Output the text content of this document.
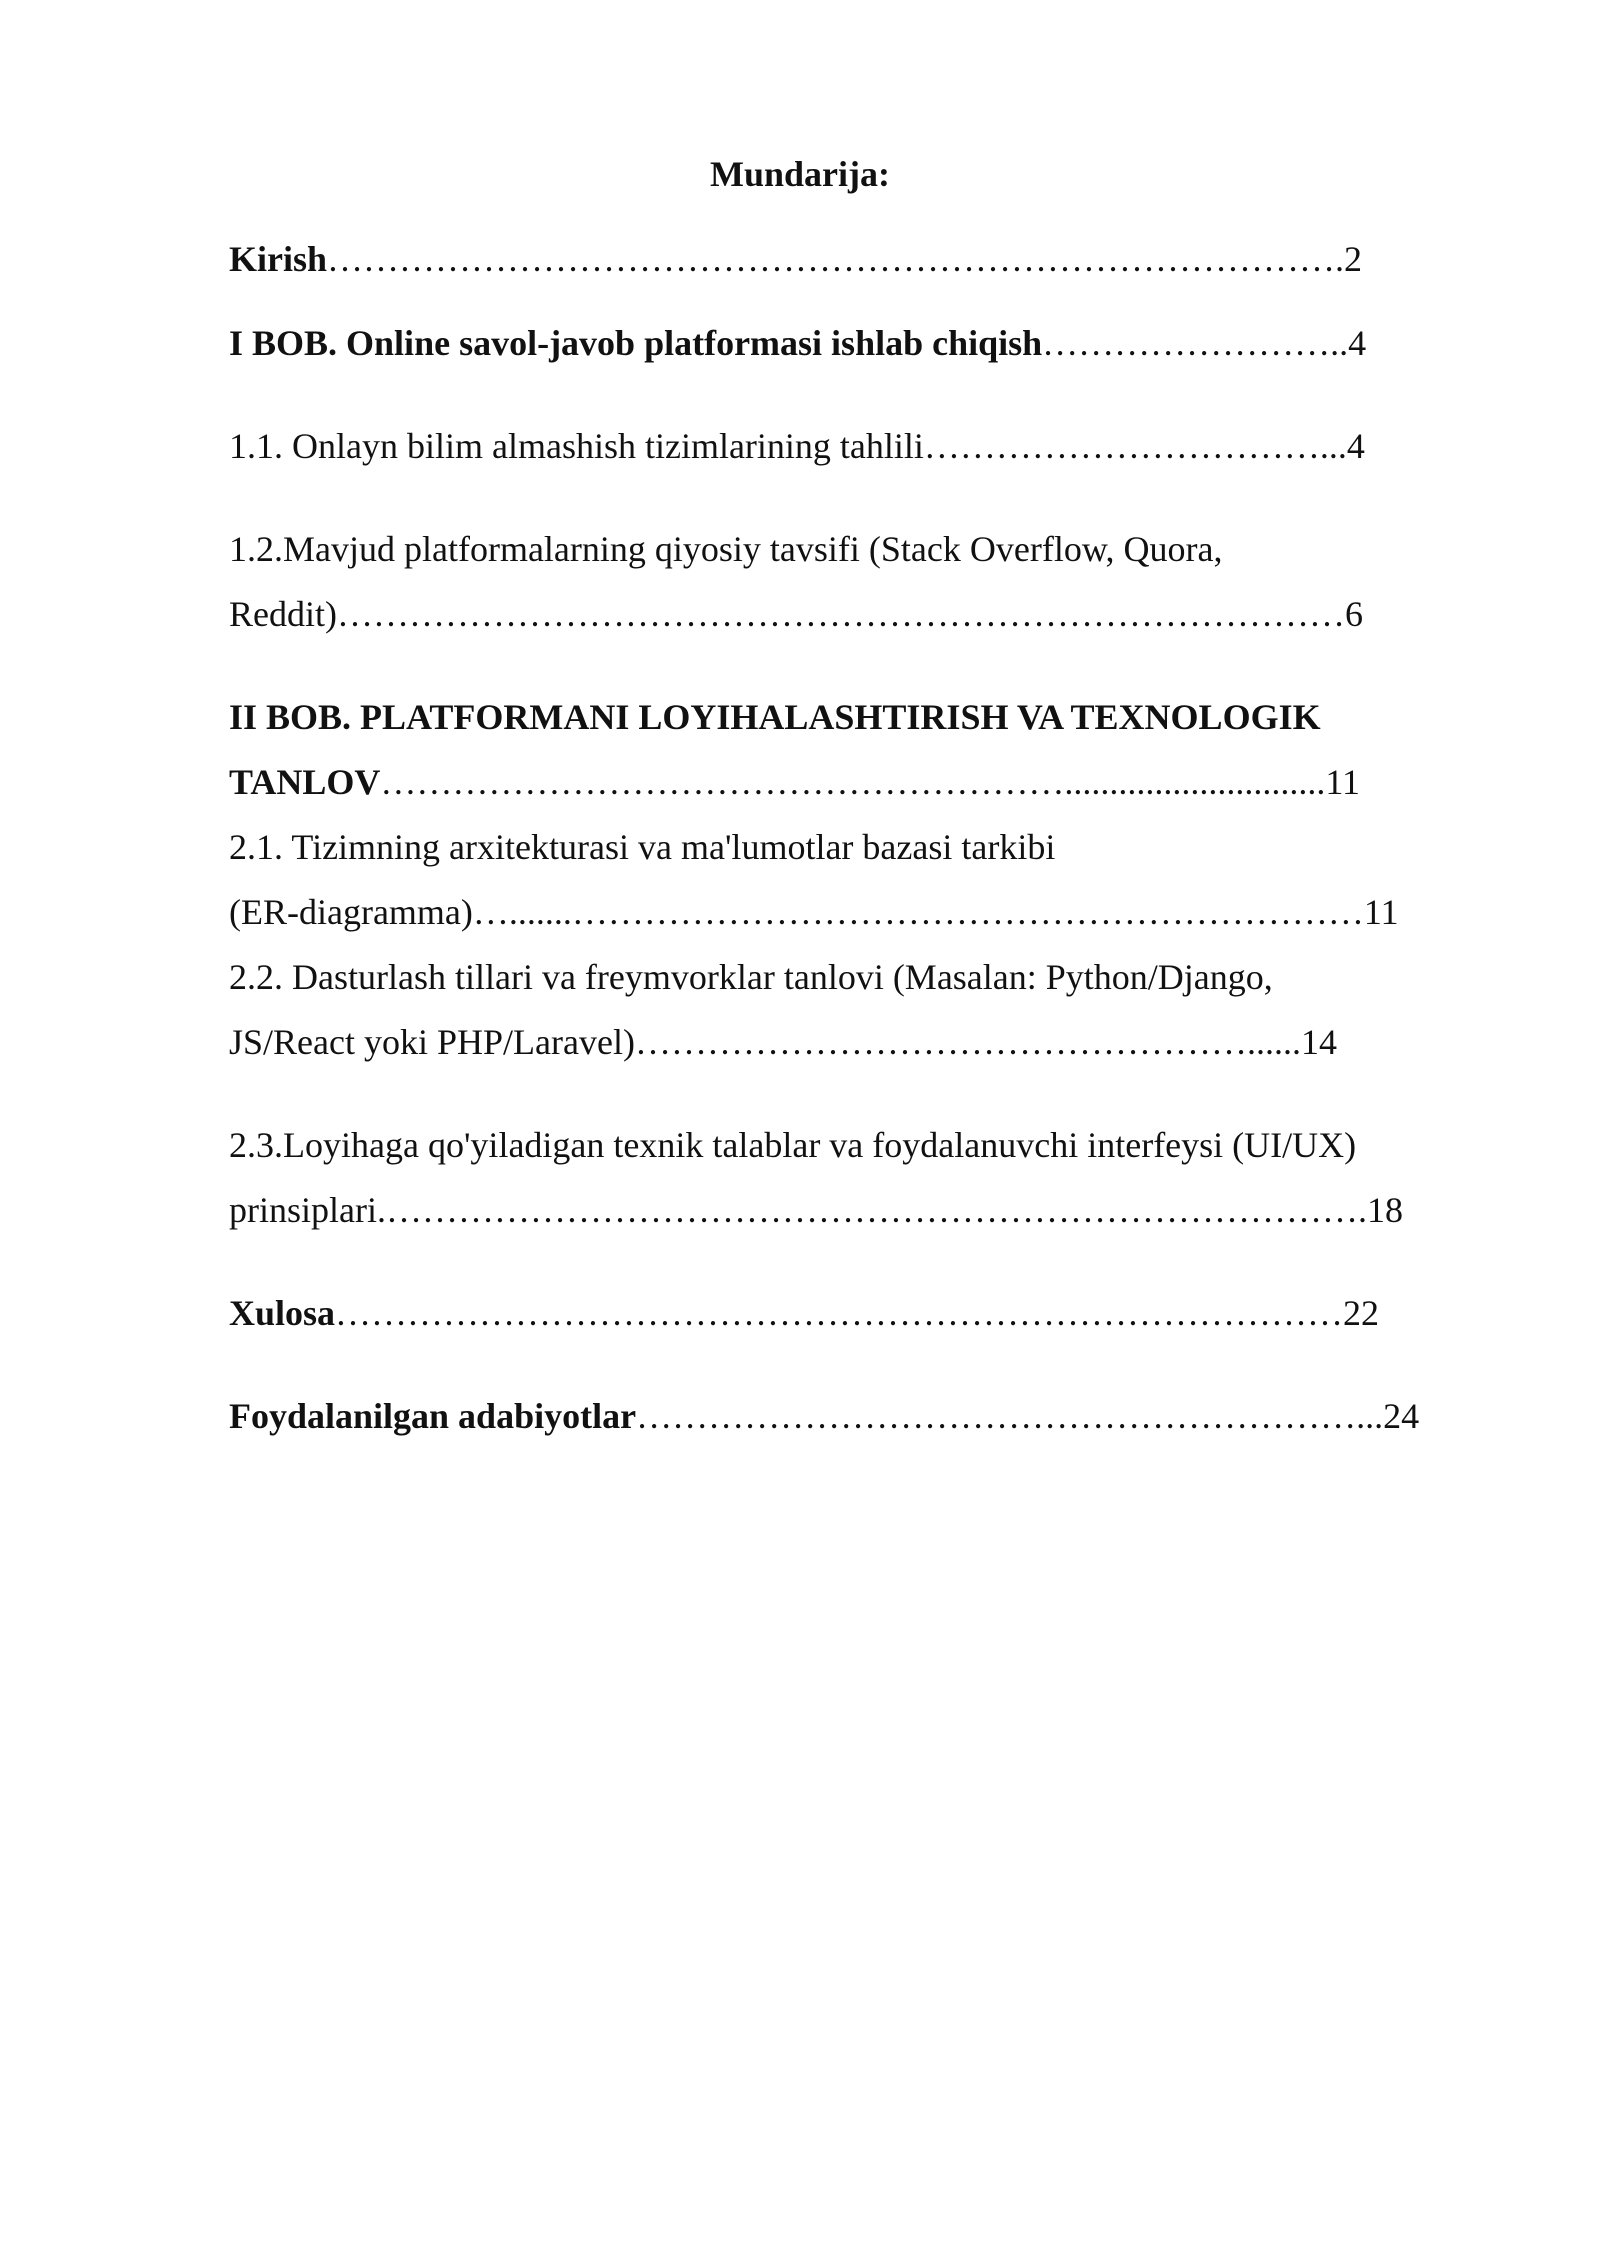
Mundarija:
Kirish………………………………………………………………………….2
I BOB. Online savol-javob platformasi ishlab chiqish……………………..4
1.1. Onlayn bilim almashish tizimlarining tahlili……………………………...4
1.2.Mavjud platformalarning qiyosiy tavsifi (Stack Overflow, Quora,
Reddit)…………………………………………………………………………6
II BOB. PLATFORMANI LOYIHALASHTIRISH VA TEXNOLOGIK
TANLOV………………………………………………….............................11
2.1. Tizimning arxitekturasi va ma'lumotlar bazasi tarkibi
(ER-diagramma)….......…………………………………………………………11
2.2. Dasturlash tillari va freymvorklar tanlovi (Masalan: Python/Django,
JS/React yoki PHP/Laravel)……………………………………………......14
2.3.Loyihaga qo'yiladigan texnik talablar va foydalanuvchi interfeysi (UI/UX)
prinsiplari.……………………………………………………………………….18
Xulosa…………………………………………………………………………22
Foydalanilgan adabiyotlar……………………………………………………...24
